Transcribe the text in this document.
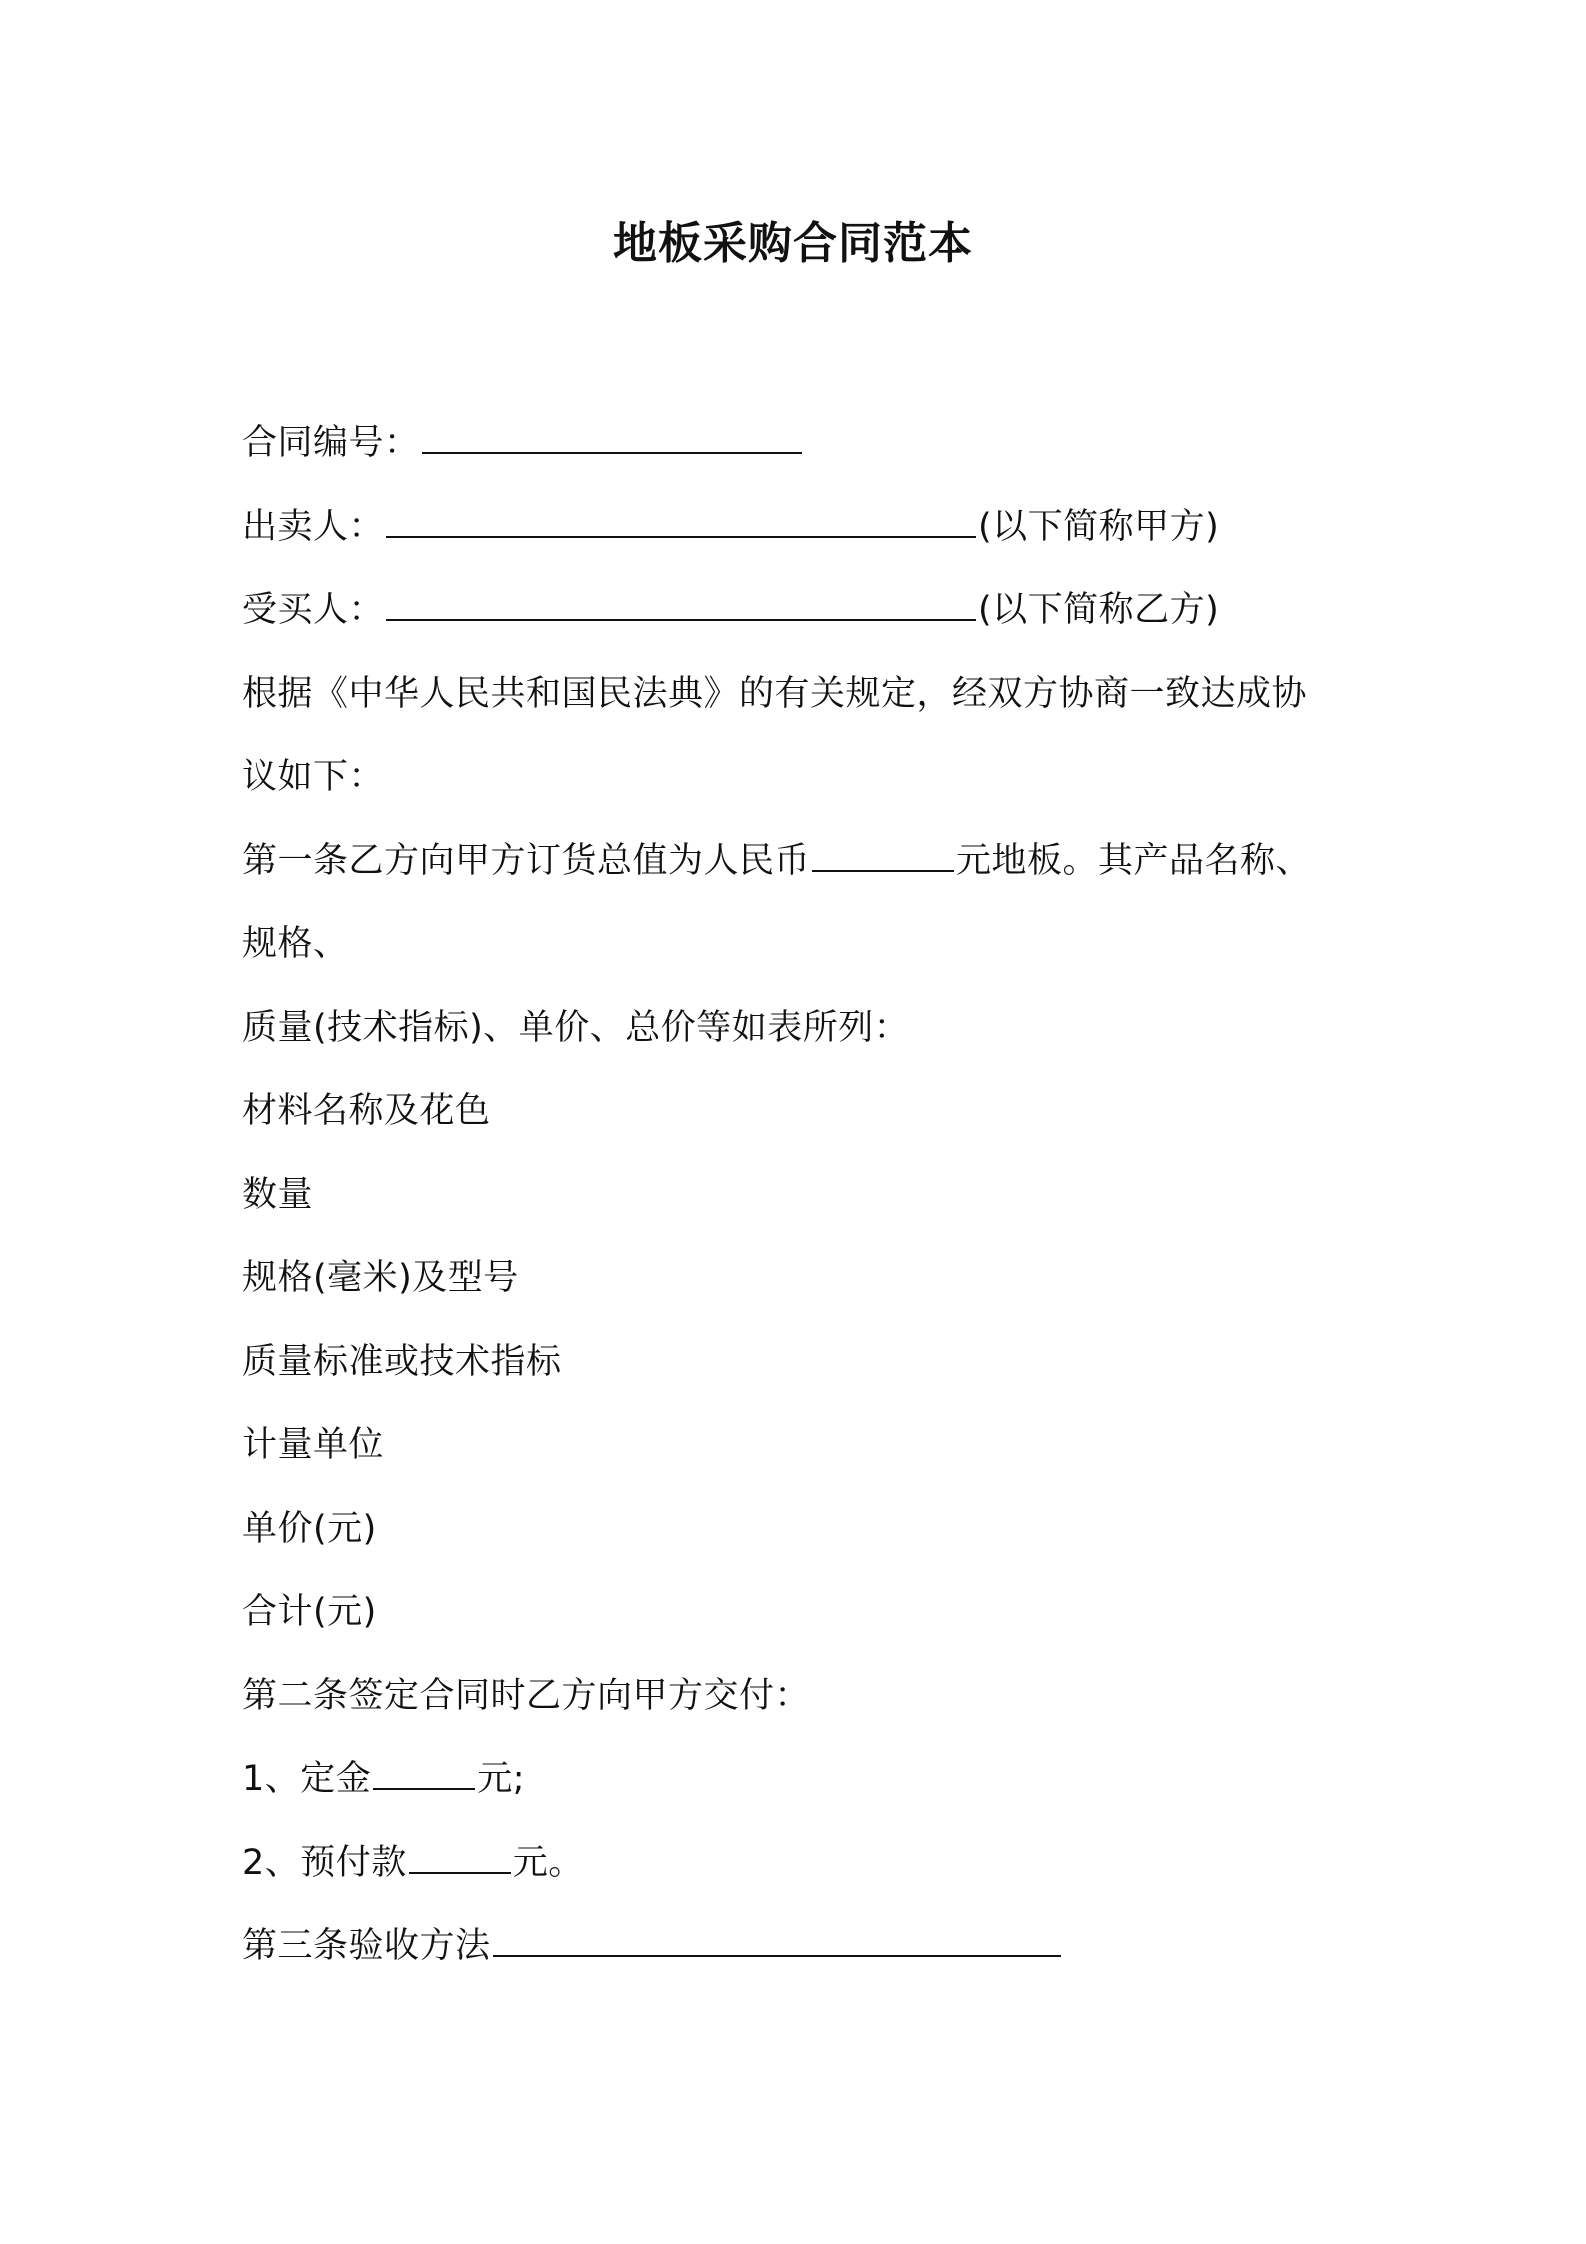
地板采购合同范本
合同编号：
出卖人：	(以下简称甲方)
受买人：	(以下简称乙方)
根据《中华人民共和国民法典》的有关规定，经双方协商一致达成协
议如下：
第一条乙方向甲方订货总值为人民币	元地板。其产品名称、
规格、
质量(技术指标)、单价、总价等如表所列：
材料名称及花色
数量
规格(毫米)及型号
质量标准或技术指标
计量单位
单价(元)
合计(元)
第二条签定合同时乙方向甲方交付：
1、定金	元;
2、预付款	元。
第三条验收方法
